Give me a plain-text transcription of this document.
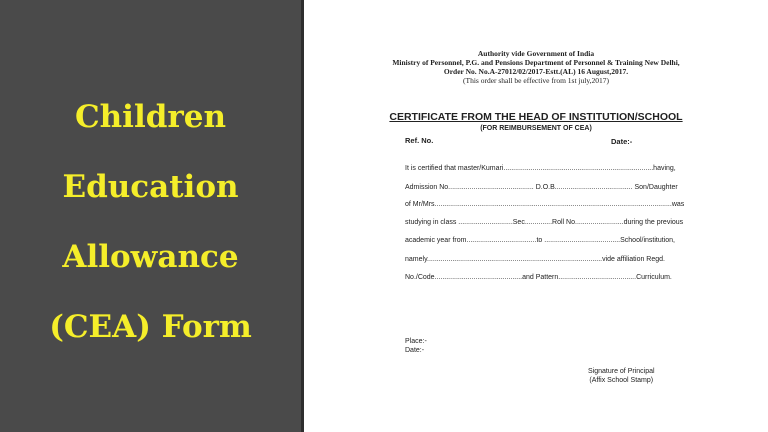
Children
Education
Allowance
(CEA) Form
Authority vide Government of India
Ministry of Personnel, P.G. and Pensions Department of Personnel & Training New Delhi,
Order No. No.A-27012/02/2017-Estt.(AL) 16 August,2017.
(This order shall be effective from 1st july,2017)
CERTIFICATE FROM THE HEAD OF INSTITUTION/SCHOOL
(FOR REIMBURSEMENT OF CEA)
Ref. No.	Date:-
It is certified that master/Kumari.............................................................................having,
Admission No............................................ D.O.B........................................ Son/Daughter
of Mr/Mrs..........................................................................................................................was
studying in class ............................Sec..............Roll No.........................during the previous
academic year from....................................to .......................................School/institution,
namely..........................................................................................vide affiliation Regd.
No./Code.............................................and Pattern........................................Curriculum.
Place:-
Date:-
Signature of Principal
(Affix School Stamp)
